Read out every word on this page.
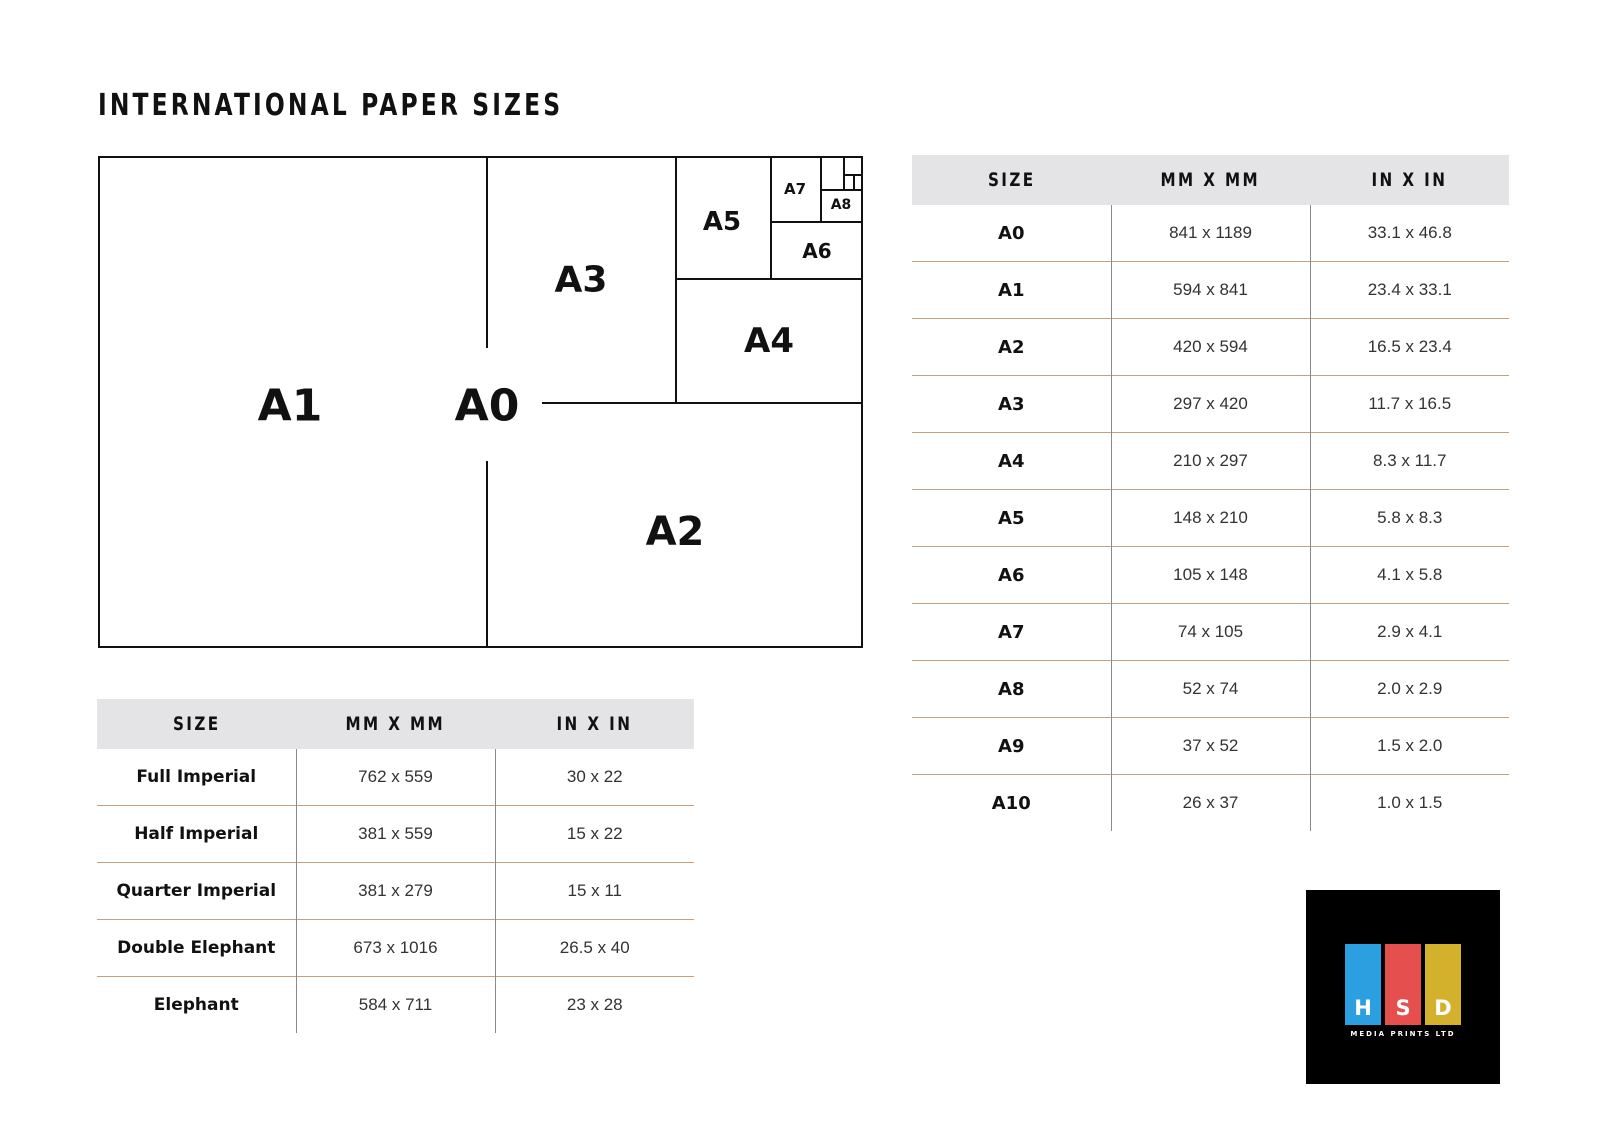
INTERNATIONAL PAPER SIZES
A1	A0
A2
A3
A4
A5
A6
A7
A8
SIZE	MM X MM	IN X IN
A0	841 x 1189	33.1 x 46.8
A1	594 x 841	23.4 x 33.1
A2	420 x 594	16.5 x 23.4
A3	297 x 420	11.7 x 16.5
A4	210 x 297	8.3 x 11.7
A5	148 x 210	5.8 x 8.3
A6	105 x 148	4.1 x 5.8
A7	74 x 105	2.9 x 4.1
A8	52 x 74	2.0 x 2.9
A9	37 x 52	1.5 x 2.0
A10	26 x 37	1.0 x 1.5
SIZE	MM X MM	IN X IN
Full Imperial	762 x 559	30 x 22
Half Imperial	381 x 559	15 x 22
Quarter Imperial	381 x 279	15 x 11
Double Elephant	673 x 1016	26.5 x 40
Elephant	584 x 711	23 x 28	H S D
MEDIA PRINTS LTD
